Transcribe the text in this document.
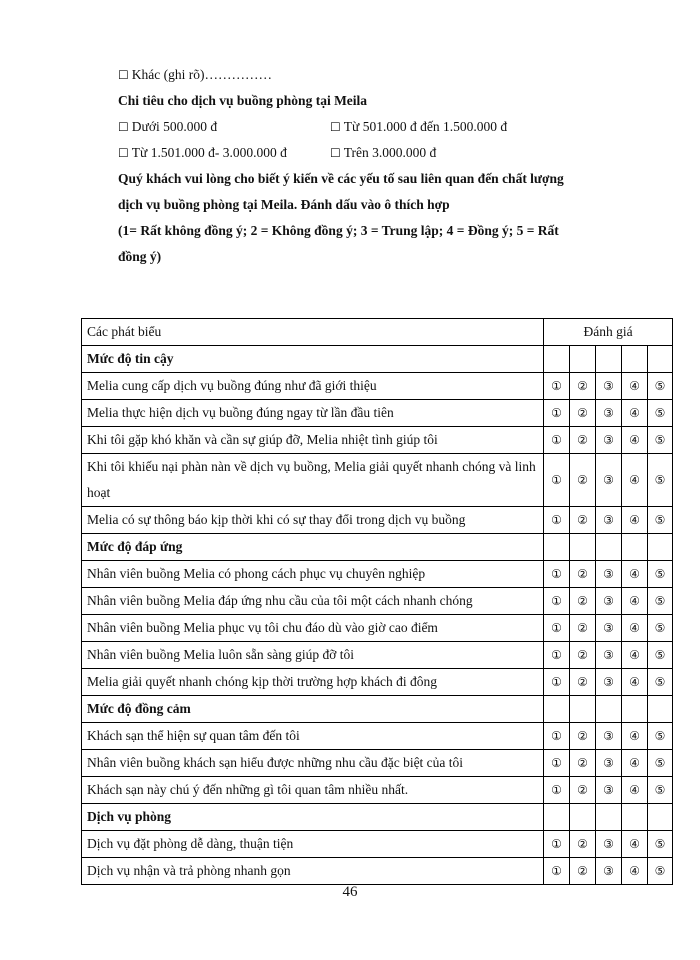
☐ Khác (ghi rõ)……………
Chi tiêu cho dịch vụ buồng phòng tại Meila
☐ Dưới 500.000 đ	☐ Từ 501.000 đ đến 1.500.000 đ
☐ Từ 1.501.000 đ- 3.000.000 đ	☐ Trên 3.000.000 đ
Quý khách vui lòng cho biết ý kiến về các yếu tố sau liên quan đến chất lượng
dịch vụ buồng phòng tại Meila. Đánh dấu vào ô thích hợp
(1= Rất không đồng ý; 2 = Không đồng ý; 3 = Trung lập; 4 = Đồng ý; 5 = Rất
đồng ý)
Các phát biểu	Đánh giá				
Mức độ tin cậy					
Melia cung cấp dịch vụ buồng đúng như đã giới thiệu	①	②	③	④	⑤
Melia thực hiện dịch vụ buồng đúng ngay từ lần đầu tiên	①	②	③	④	⑤
Khi tôi gặp khó khăn và cần sự giúp đỡ, Melia nhiệt tình giúp tôi	①	②	③	④	⑤
Khi tôi khiếu nại phàn nàn về dịch vụ buồng, Melia giải quyết nhanh chóng và linh hoạt	①	②	③	④	⑤
Melia có sự thông báo kịp thời khi có sự thay đổi trong dịch vụ buồng	①	②	③	④	⑤
Mức độ đáp ứng					
Nhân viên buồng Melia có phong cách phục vụ chuyên nghiệp	①	②	③	④	⑤
Nhân viên buồng Melia đáp ứng nhu cầu của tôi một cách nhanh chóng	①	②	③	④	⑤
Nhân viên buồng Melia phục vụ tôi chu đáo dù vào giờ cao điểm	①	②	③	④	⑤
Nhân viên buồng Melia luôn sẵn sàng giúp đỡ tôi	①	②	③	④	⑤
Melia giải quyết nhanh chóng kịp thời trường hợp khách đi đông	①	②	③	④	⑤
Mức độ đồng cảm					
Khách sạn thể hiện sự quan tâm đến tôi	①	②	③	④	⑤
Nhân viên buồng khách sạn hiểu được những nhu cầu đặc biệt của tôi	①	②	③	④	⑤
Khách sạn này chú ý đến những gì tôi quan tâm nhiều nhất.	①	②	③	④	⑤
Dịch vụ phòng					
Dịch vụ đặt phòng dễ dàng, thuận tiện	①	②	③	④	⑤
Dịch vụ nhận và trả phòng nhanh gọn	①	②	③	④	⑤
46
